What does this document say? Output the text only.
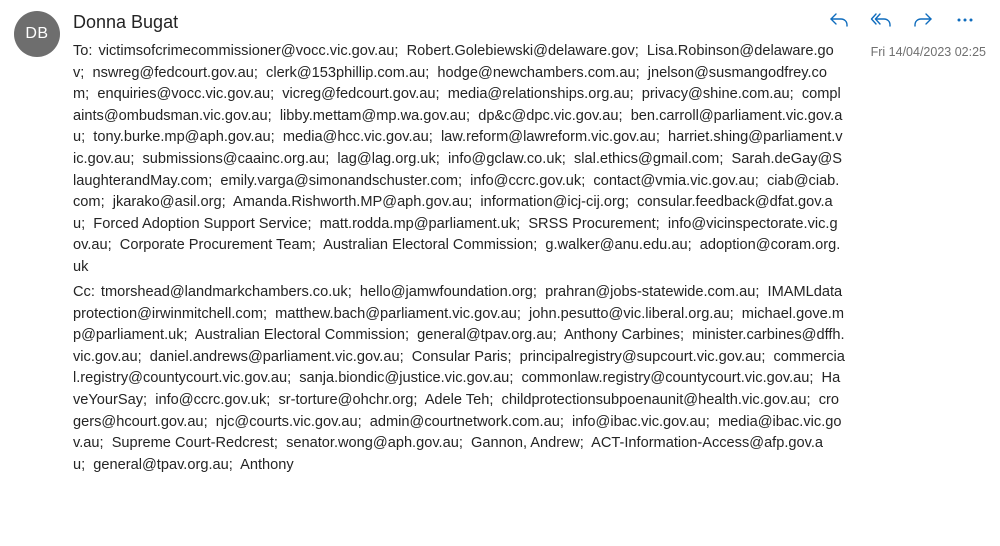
DB
Donna Bugat
Fri 14/04/2023 02:25
To: victimsofcrimecommissioner@vocc.vic.gov.au;  Robert.Golebiewski@delaware.gov;  Lisa.Robinson@delaware.gov;  nswreg@fedcourt.gov.au;  clerk@153phillip.com.au;  hodge@newchambers.com.au;  jnelson@susmangodfrey.com;  enquiries@vocc.vic.gov.au;  vicreg@fedcourt.gov.au;  media@relationships.org.au;  privacy@shine.com.au;  complaints@ombudsman.vic.gov.au;  libby.mettam@mp.wa.gov.au;  dp&c@dpc.vic.gov.au;  ben.carroll@parliament.vic.gov.au;  tony.burke.mp@aph.gov.au;  media@hcc.vic.gov.au;  law.reform@lawreform.vic.gov.au;  harriet.shing@parliament.vic.gov.au;  submissions@caainc.org.au;  lag@lag.org.uk;  info@gclaw.co.uk;  slal.ethics@gmail.com;  Sarah.deGay@SlaughterandMay.com;  emily.varga@simonandschuster.com;  info@ccrc.gov.uk;  contact@vmia.vic.gov.au;  ciab@ciab.com;  jkarako@asil.org;  Amanda.Rishworth.MP@aph.gov.au;  information@icj-cij.org;  consular.feedback@dfat.gov.au;  Forced Adoption Support Service;  matt.rodda.mp@parliament.uk;  SRSS Procurement;  info@vicinspectorate.vic.gov.au;  Corporate Procurement Team;  Australian Electoral Commission;  g.walker@anu.edu.au;  adoption@coram.org.uk
Cc: tmorshead@landmarkchambers.co.uk;  hello@jamwfoundation.org;  prahran@jobs-statewide.com.au;  IMAMLdataprotection@irwinmitchell.com;  matthew.bach@parliament.vic.gov.au;  john.pesutto@vic.liberal.org.au;  michael.gove.mp@parliament.uk;  Australian Electoral Commission;  general@tpav.org.au;  Anthony Carbines;  minister.carbines@dffh.vic.gov.au;  daniel.andrews@parliament.vic.gov.au;  Consular Paris;  principalregistry@supcourt.vic.gov.au;  commercial.registry@countycourt.vic.gov.au;  sanja.biondic@justice.vic.gov.au;  commonlaw.registry@countycourt.vic.gov.au;  HaveYourSay;  info@ccrc.gov.uk;  sr-torture@ohchr.org;  Adele Teh;  childprotectionsubpoenaunit@health.vic.gov.au;  crogers@hcourt.gov.au;  njc@courts.vic.gov.au;  admin@courtnetwork.com.au;  info@ibac.vic.gov.au;  media@ibac.vic.gov.au;  Supreme Court-Redcrest;  senator.wong@aph.gov.au;  Gannon, Andrew;  ACT-Information-Access@afp.gov.au;  general@tpav.org.au;  Anthony
